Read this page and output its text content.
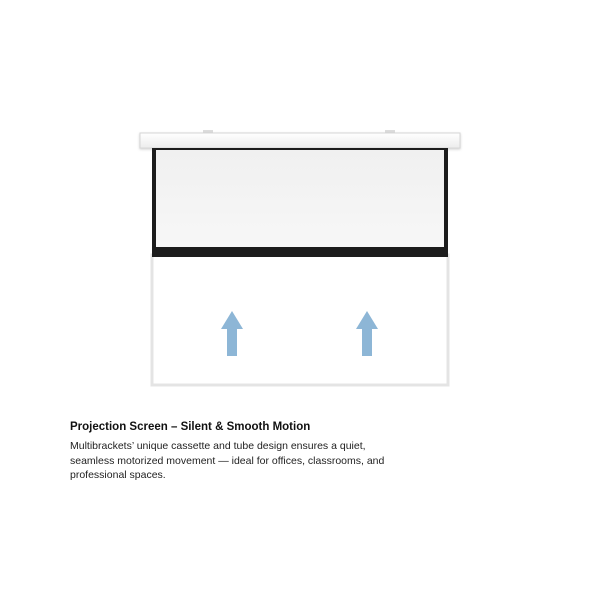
Projection Screen – Silent & Smooth Motion

Multibrackets’ unique cassette and tube design ensures a quiet, seamless motorized movement — ideal for offices, classrooms, and professional spaces.
